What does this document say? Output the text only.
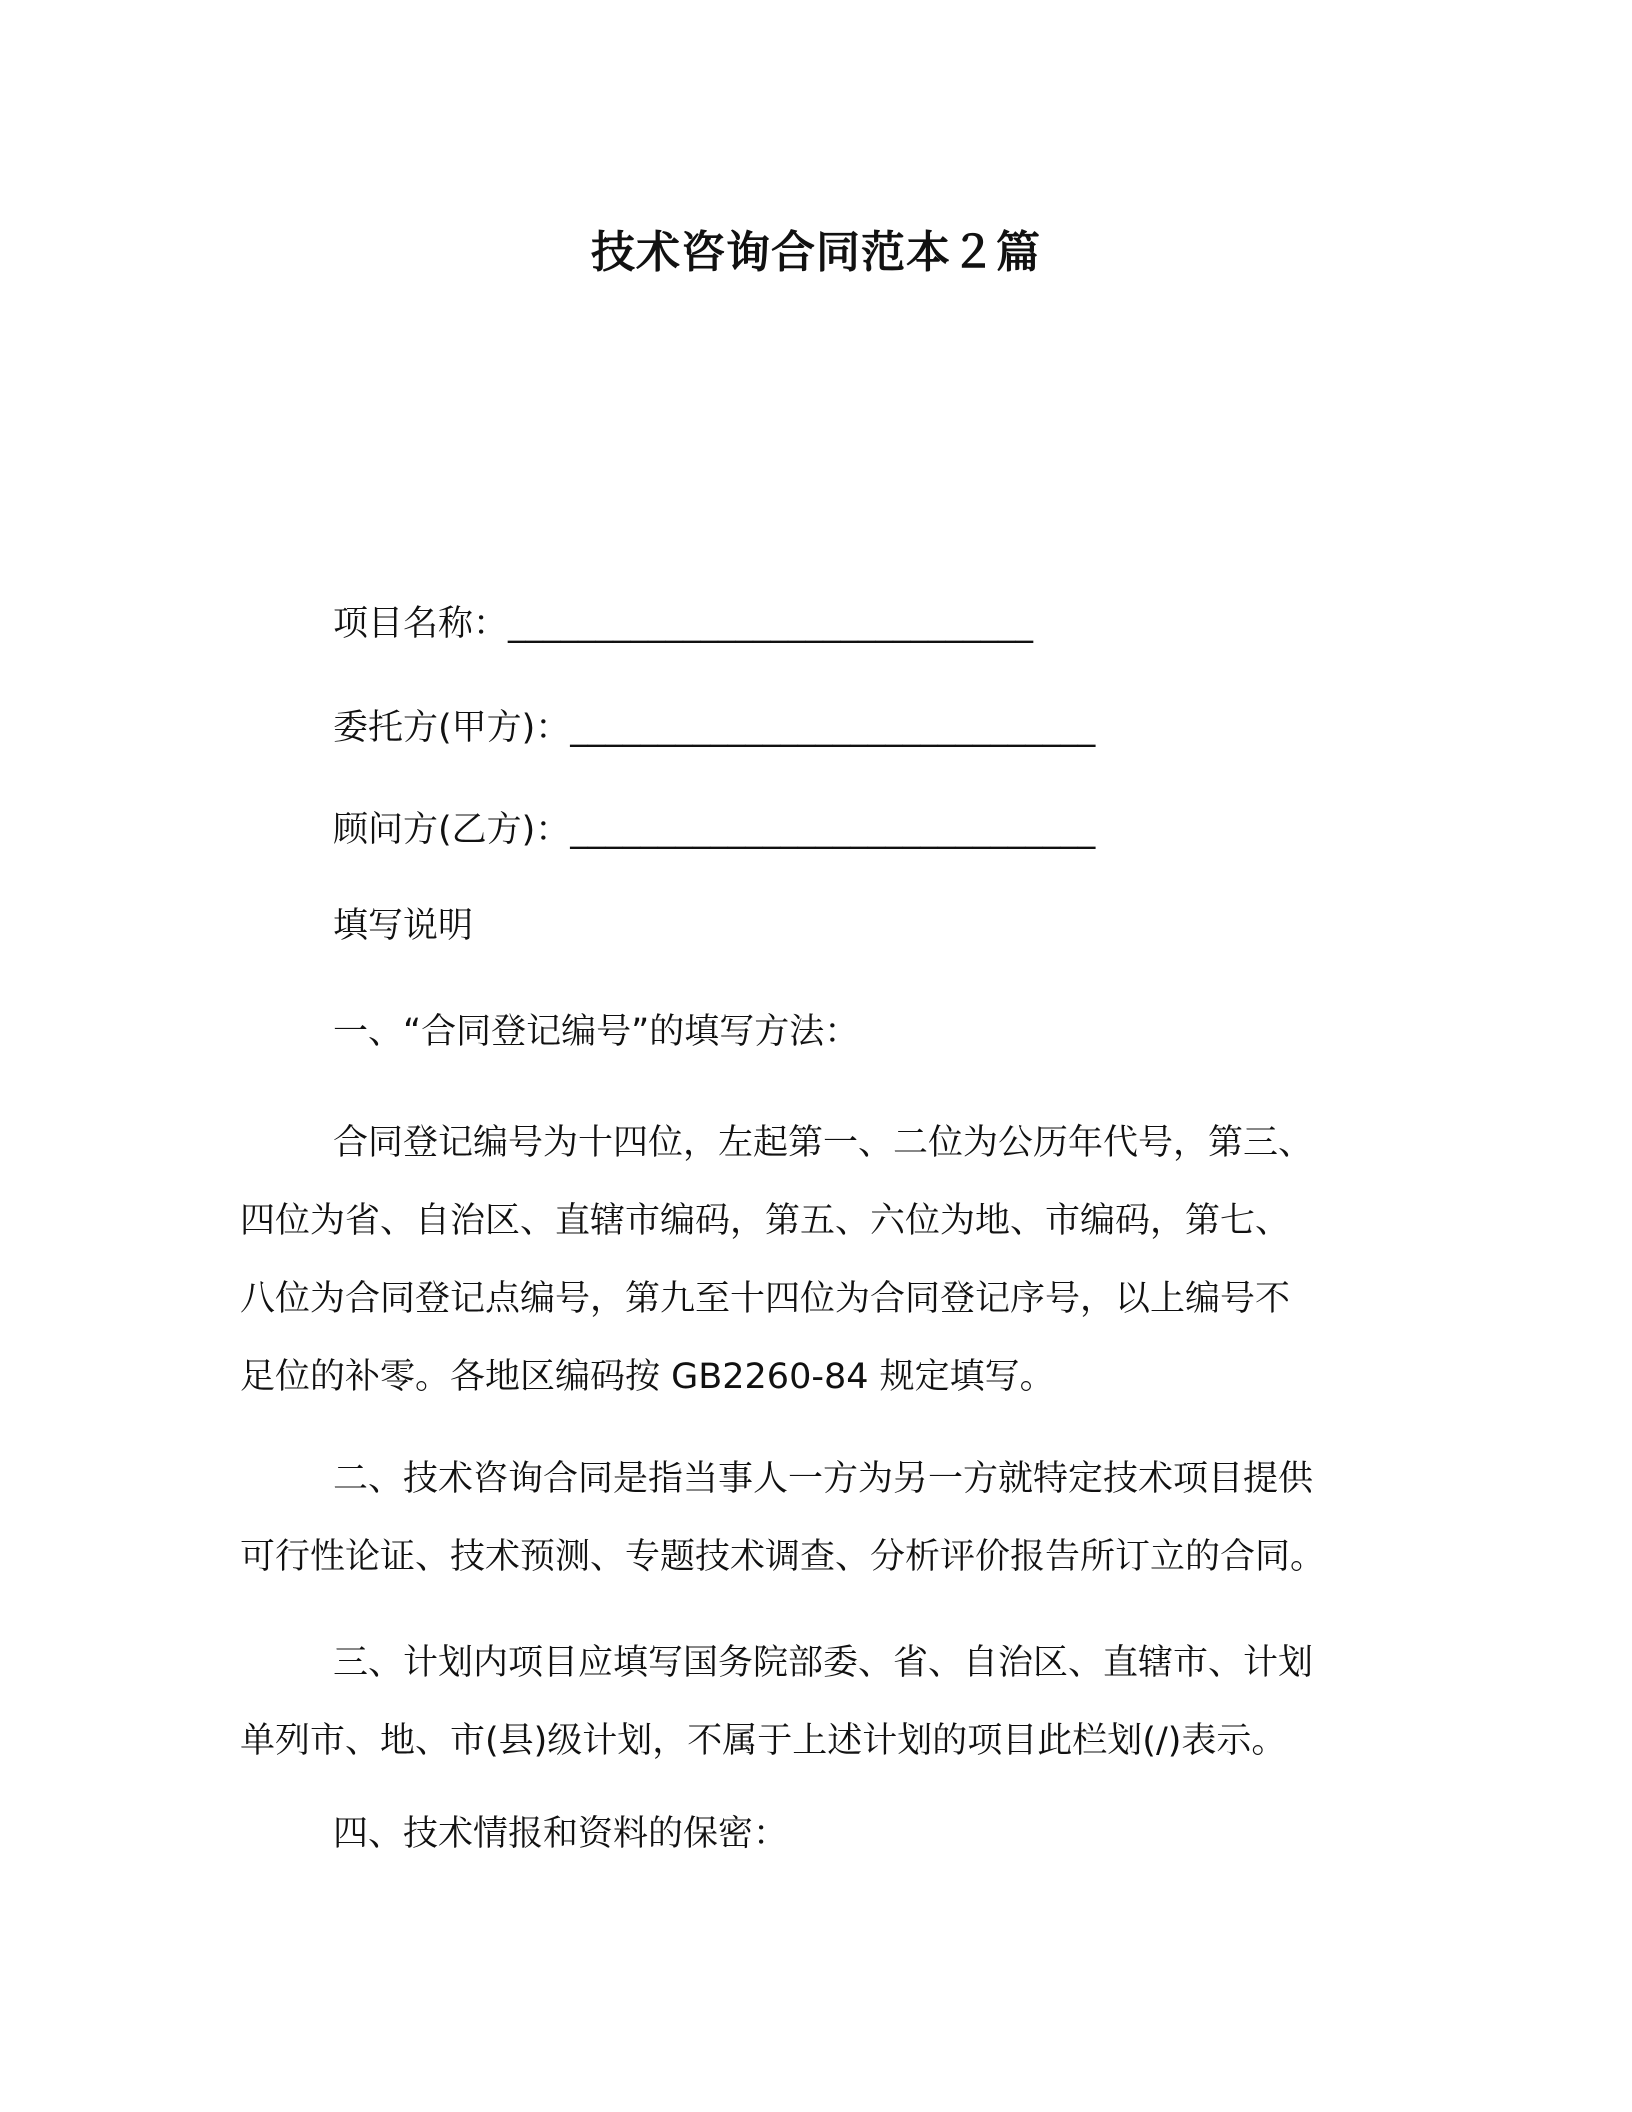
技术咨询合同范本２篇
项目名称：______________________________
委托方(甲方)：______________________________
顾问方(乙方)：______________________________
填写说明
一、“合同登记编号”的填写方法：
合同登记编号为十四位，左起第一、二位为公历年代号，第三、
四位为省、自治区、直辖市编码，第五、六位为地、市编码，第七、
八位为合同登记点编号，第九至十四位为合同登记序号，以上编号不
足位的补零。各地区编码按 GB2260-84 规定填写。
二、技术咨询合同是指当事人一方为另一方就特定技术项目提供
可行性论证、技术预测、专题技术调查、分析评价报告所订立的合同。
三、计划内项目应填写国务院部委、省、自治区、直辖市、计划
单列市、地、市(县)级计划，不属于上述计划的项目此栏划(/)表示。
四、技术情报和资料的保密：
